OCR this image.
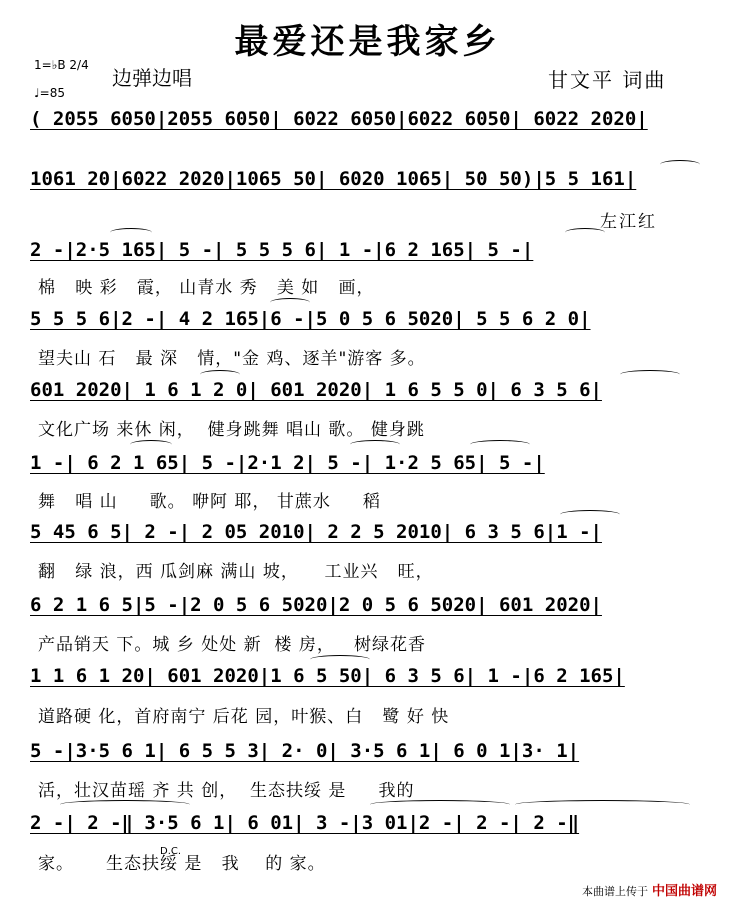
最爱还是我家乡
1=♭B 2/4
♩=85
边弹边唱	甘文平 词曲
( 2055 6050|2055 6050| 6022 6050|6022 6050| 6022 2020|
1061 20|6022 2020|1065 50| 6020 1065| 50 50)|5 5 161|
左江红
2 -|2·5 165| 5 -| 5 5 5 6| 1 -|6 2 165| 5 -|
棉   映 彩   霞， 山青水 秀   美 如   画，
5 5 5 6|2 -| 4 2 165|6 -|5 0 5 6 5020| 5 5 6 2 0|
望夫山 石   最 深   情，"金 鸡、逐羊"游客 多。
601 2020| 1 6 1 2 0| 601 2020| 1 6 5 5 0| 6 3 5 6|
文化广场 来休 闲，  健身跳舞 唱山 歌。 健身跳
1 -| 6 2 1 65| 5 -|2·1 2| 5 -| 1·2 5 65| 5 -|
舞   唱 山     歌。 咿阿 耶， 甘蔗水     稻
5 45 6 5| 2 -| 2 05 2010| 2 2 5 2010| 6 3 5 6|1 -|
翻   绿 浪，西 瓜剑麻 满山 坡，    工业兴   旺，
6 2 1 6 5|5 -|2 0 5 6 5020|2 0 5 6 5020| 601 2020|
产品销天 下。城 乡 处处 新  楼 房，   树绿花香
1 1 6 1 20| 601 2020|1 6 5 50| 6 3 5 6| 1 -|6 2 165|
道路硬 化，首府南宁 后花 园，叶猴、白   鹭 好 快
5 -|3·5 6 1| 6 5 5 3| 2· 0| 3·5 6 1| 6 0 1|3· 1|
活，壮汉苗瑶 齐 共 创，  生态扶绥 是     我的
2 -| 2 -‖ 3·5 6 1| 6 01| 3 -|3 01|2 -| 2 -| 2 -‖
家。     生态扶绥 是   我    的 家。
D.C.
本曲谱上传于 中国曲谱网
